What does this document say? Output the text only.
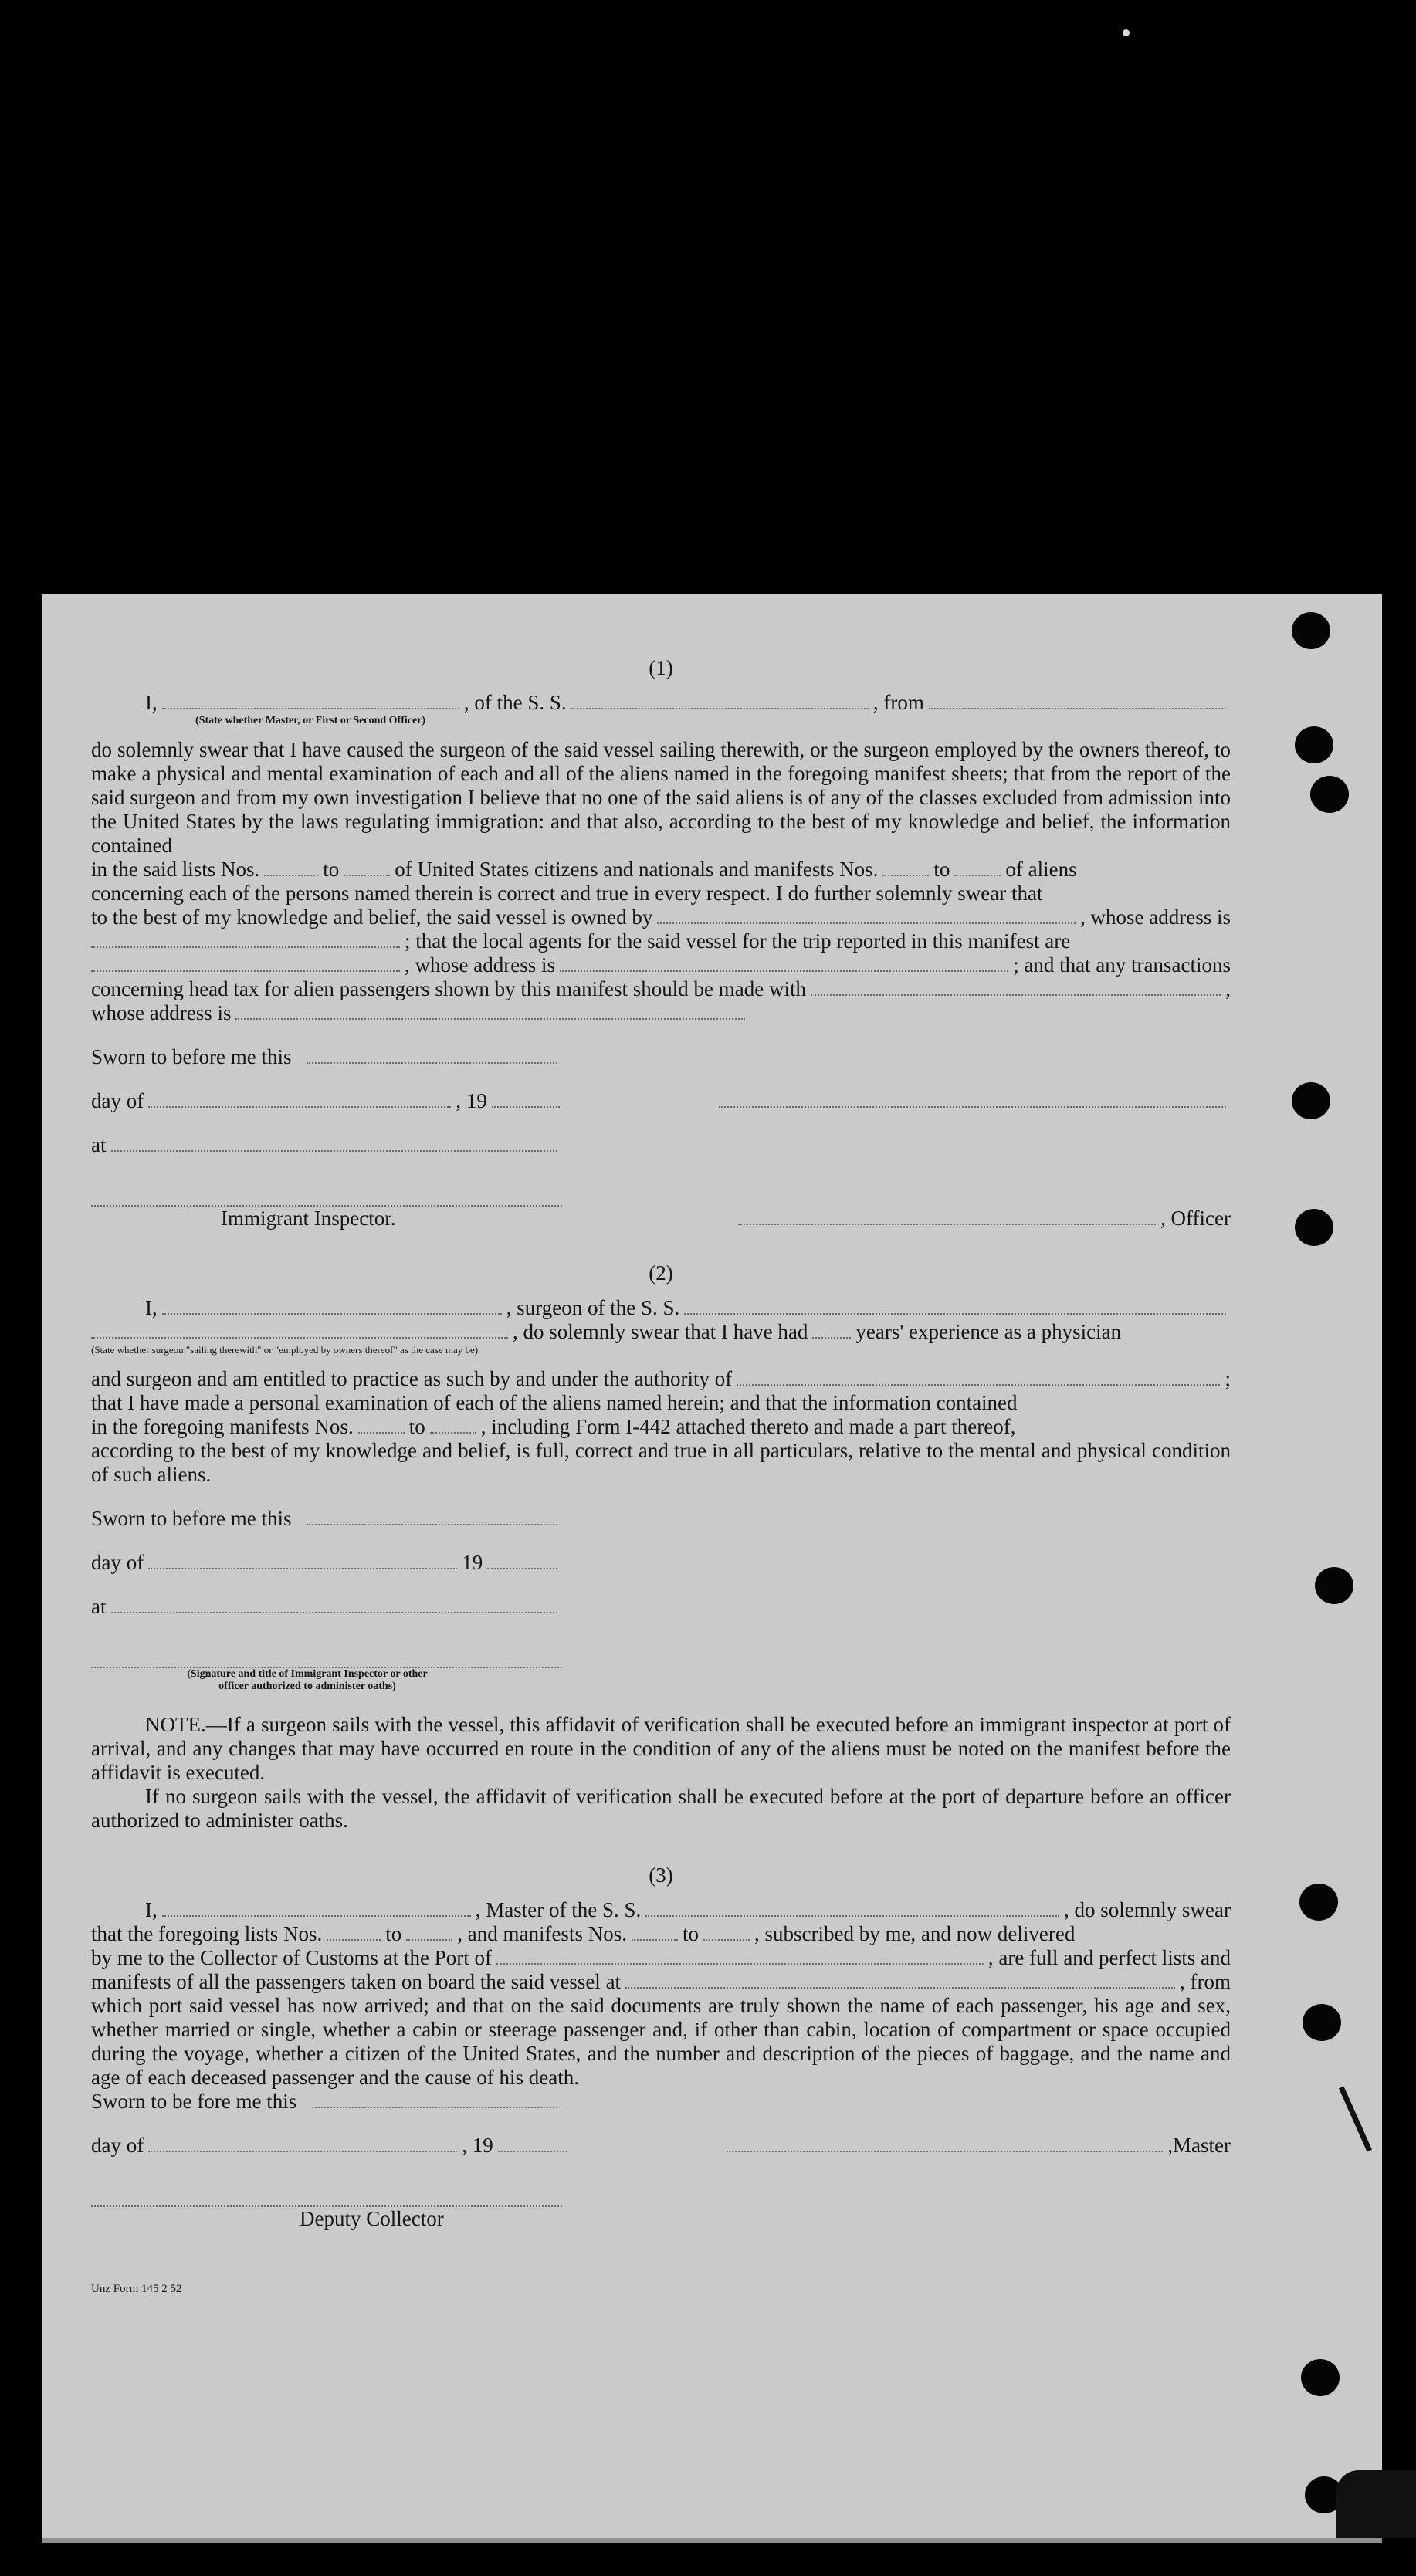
(1)
I,	, of the S. S.	, from
(State whether Master, or First or Second Officer)
do solemnly swear that I have caused the surgeon of the said vessel sailing therewith, or the surgeon employed by the owners thereof, to make a physical and mental examination of each and all of the aliens named in the foregoing manifest sheets; that from the report of the said surgeon and from my own investigation I believe that no one of the said aliens is of any of the classes excluded from admission into the United States by the laws regulating immigration: and that also, according to the best of my knowledge and belief, the information contained
in the said lists Nos.	to	of United States citizens and nationals and manifests Nos.	to	of aliens
concerning each of the persons named therein is correct and true in every respect. I do further solemnly swear that
to the best of my knowledge and belief, the said vessel is owned by	, whose address is
; that the local agents for the said vessel for the trip reported in this manifest are
, whose address is	; and that any transactions
concerning head tax for alien passengers shown by this manifest should be made with	,
whose address is
Sworn to before me this
day of	, 19
at
Immigrant Inspector.	, Officer
(2)
I,	, surgeon of the S. S.
, do solemnly swear that I have had years' experience as a physician
(State whether surgeon "sailing therewith" or "employed by owners thereof" as the case may be)
and surgeon and am entitled to practice as such by and under the authority of	;
that I have made a personal examination of each of the aliens named herein; and that the information contained
in the foregoing manifests Nos.	to	, including Form I-442 attached thereto and made a part thereof,
according to the best of my knowledge and belief, is full, correct and true in all particulars, relative to the mental and physical condition of such aliens.
Sworn to before me this
day of	19
at
(Signature and title of Immigrant Inspector or other
officer authorized to administer oaths)
NOTE.—If a surgeon sails with the vessel, this affidavit of verification shall be executed before an immigrant inspector at port of arrival, and any changes that may have occurred en route in the condition of any of the aliens must be noted on the manifest before the affidavit is executed.
If no surgeon sails with the vessel, the affidavit of verification shall be executed before at the port of departure before an officer authorized to administer oaths.
(3)
I,	, Master of the S. S.	, do solemnly swear
that the foregoing lists Nos.	to	, and manifests Nos.	to	, subscribed by me, and now delivered
by me to the Collector of Customs at the Port of	, are full and perfect lists and
manifests of all the passengers taken on board the said vessel at	, from
which port said vessel has now arrived; and that on the said documents are truly shown the name of each passenger, his age and sex, whether married or single, whether a cabin or steerage passenger and, if other than cabin, location of compartment or space occupied during the voyage, whether a citizen of the United States, and the number and description of the pieces of baggage, and the name and age of each deceased passenger and the cause of his death.
Sworn to be fore me this
day of	, 19	,Master
Deputy Collector
Unz Form 145 2 52
